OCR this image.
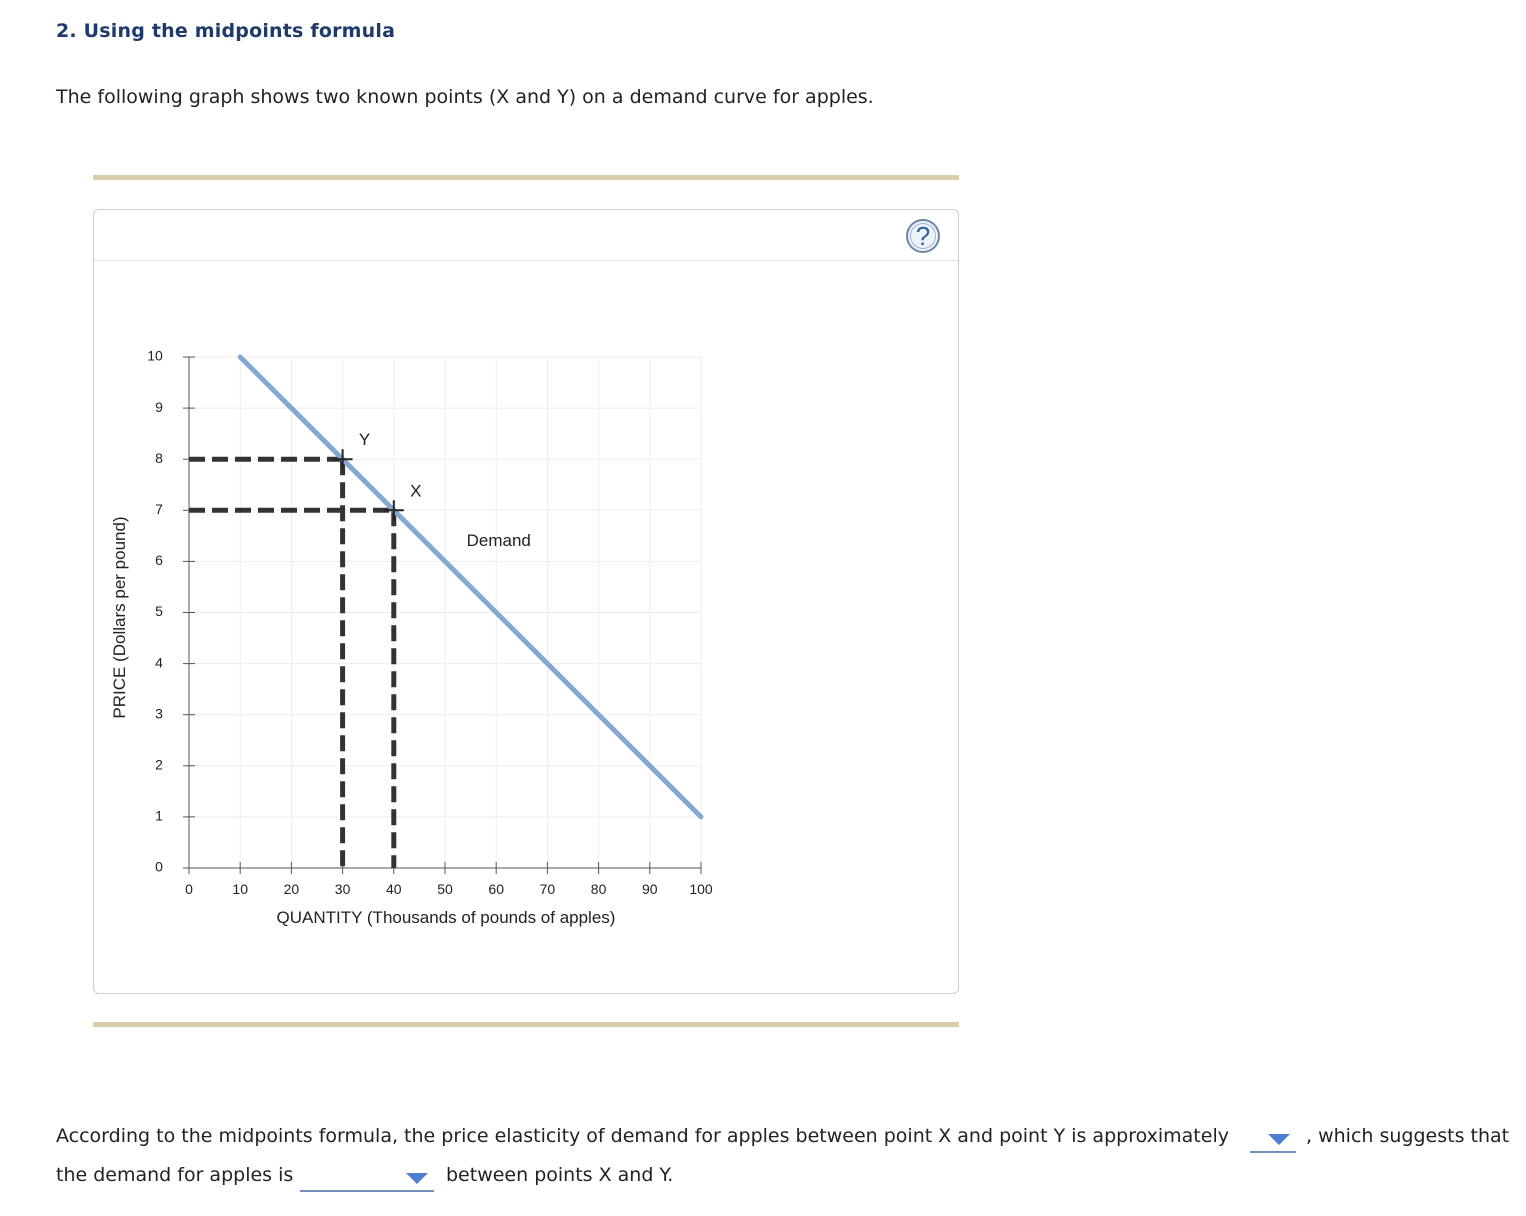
2. Using the midpoints formula
The following graph shows two known points (X and Y) on a demand curve for apples.
?
0
1
2
3
4
5
6
7
8
9
10
0	10	20	30	40	50	60	70	80	90 100
QUANTITY (Thousands of pounds of apples)
PRICE (Dollars per pound)	Demand
Y
X
According to the midpoints formula, the price elasticity of demand for apples between point X and point Y is approximately	, which suggests that
the demand for apples is	between points X and Y.
